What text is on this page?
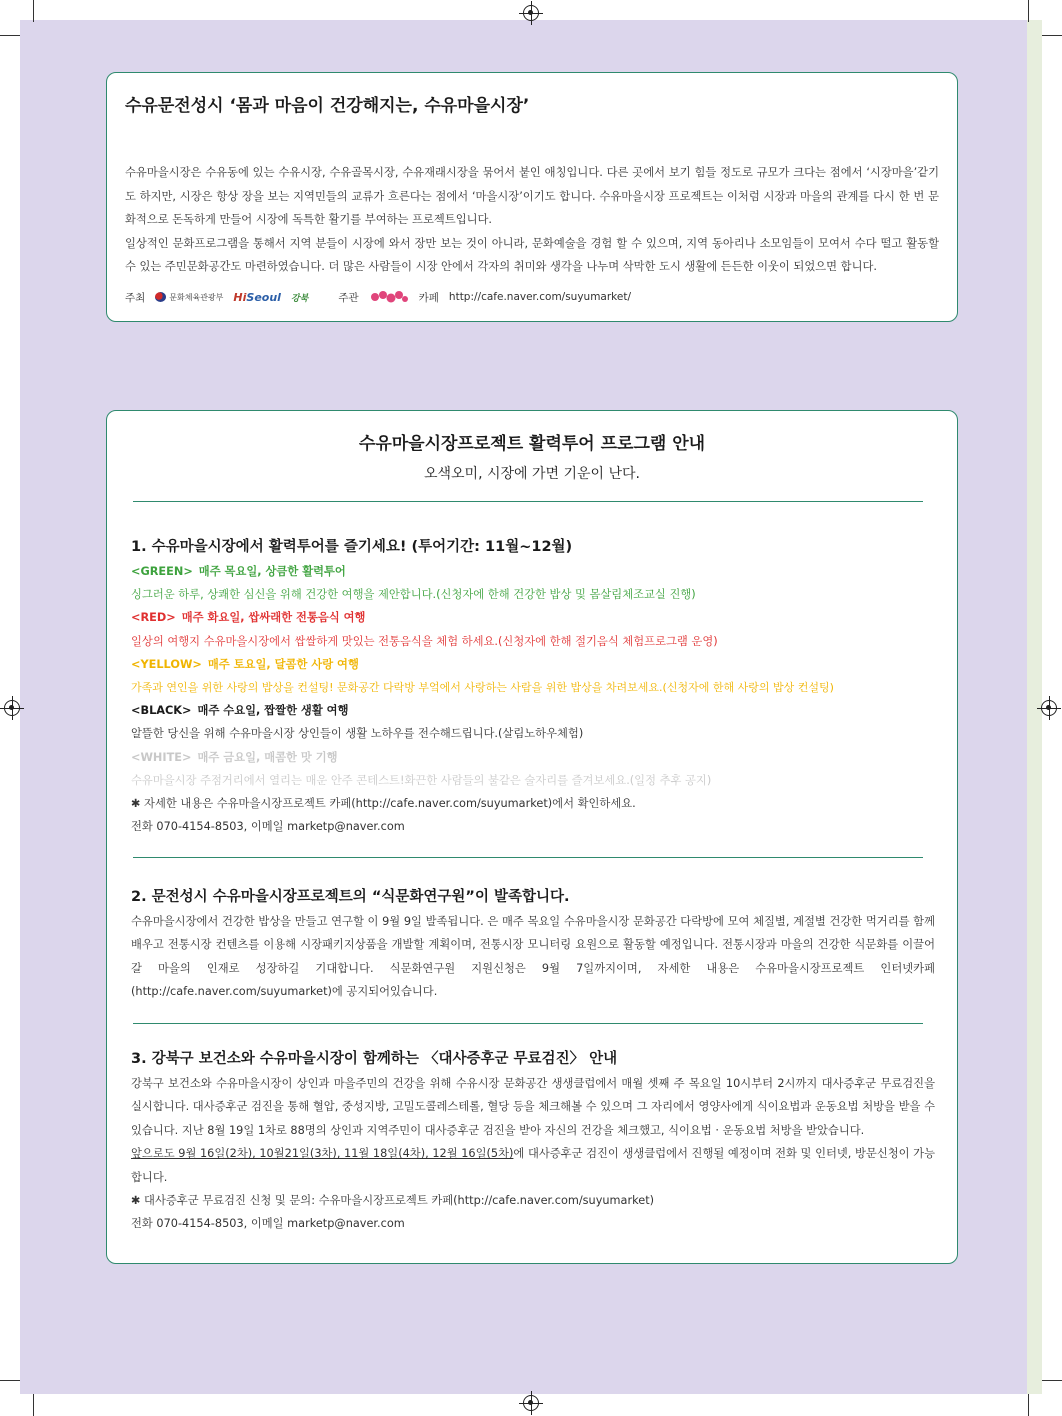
수유문전성시 ‘몸과 마음이 건강해지는, 수유마을시장’

수유마을시장은 수유동에 있는 수유시장, 수유골목시장, 수유재래시장을 묶어서 붙인 애칭입니다. 다른 곳에서 보기 힘들 정도로 규모가 크다는 점에서 ‘시장마을’같기도 하지만, 시장은 항상 장을 보는 지역민들의 교류가 흐른다는 점에서 ‘마을시장’이기도 합니다. 수유마을시장 프로젝트는 이처럼 시장과 마을의 관계를 다시 한 번 문화적으로 돈독하게 만들어 시장에 독특한 활기를 부여하는 프로젝트입니다.

일상적인 문화프로그램을 통해서 지역 분들이 시장에 와서 장만 보는 것이 아니라, 문화예술을 경험 할 수 있으며, 지역 동아리나 소모임들이 모여서 수다 떨고 활동할 수 있는 주민문화공간도 마련하였습니다. 더 많은 사람들이 시장 안에서 각자의 취미와 생각을 나누며 삭막한 도시 생활에 든든한 이웃이 되었으면 합니다.

주최	문화체육관광부 HiSeoul 강북	주관	카페 http://cafe.naver.com/suyumarket/
수유마을시장프로젝트 활력투어 프로그램 안내
오색오미, 시장에 가면 기운이 난다.
1. 수유마을시장에서 활력투어를 즐기세요! (투어기간: 11월~12월)
<GREEN> 매주 목요일, 상큼한 활력투어
싱그러운 하루, 상쾌한 심신을 위해 건강한 여행을 제안합니다.(신청자에 한해 건강한 밥상 및 몸살림체조교실 진행)
<RED> 매주 화요일, 쌉싸래한 전통음식 여행
일상의 여행지 수유마을시장에서 쌉쌀하게 맛있는 전통음식을 체험 하세요.(신청자에 한해 절기음식 체험프로그램 운영)
<YELLOW> 매주 토요일, 달콤한 사랑 여행
가족과 연인을 위한 사랑의 밥상을 컨설팅! 문화공간 다락방 부엌에서 사랑하는 사람을 위한 밥상을 차려보세요.(신청자에 한해 사랑의 밥상 컨설팅)
<BLACK> 매주 수요일, 짭짤한 생활 여행
알뜰한 당신을 위해 수유마을시장 상인들이 생활 노하우를 전수해드립니다.(살림노하우체험)
<WHITE> 매주 금요일, 매콤한 맛 기행
수유마을시장 주점거리에서 열리는 매운 안주 콘테스트!화끈한 사람들의 불같은 술자리를 즐겨보세요.(일정 추후 공지)
✱ 자세한 내용은 수유마을시장프로젝트 카페(http://cafe.naver.com/suyumarket)에서 확인하세요.
전화 070-4154-8503, 이메일 marketp@naver.com
2. 문전성시 수유마을시장프로젝트의 “식문화연구원”이 발족합니다.
수유마을시장에서 건강한 밥상을 만들고 연구할 이 9월 9일 발족됩니다. 은 매주 목요일 수유마을시장 문화공간 다락방에 모여 체질별, 계절별 건강한 먹거리를 함께 배우고 전통시장 컨텐츠를 이용해 시장패키지상품을 개발할 계획이며, 전통시장 모니터링 요원으로 활동할 예정입니다. 전통시장과 마을의 건강한 식문화를 이끌어갈 마을의 인재로 성장하길 기대합니다. 식문화연구원 지원신청은 9월 7일까지이며, 자세한 내용은 수유마을시장프로젝트 인터넷카페(http://cafe.naver.com/suyumarket)에 공지되어있습니다.
3. 강북구 보건소와 수유마을시장이 함께하는 〈대사증후군 무료검진〉 안내
강북구 보건소와 수유마을시장이 상인과 마을주민의 건강을 위해 수유시장 문화공간 생생클럽에서 매월 셋째 주 목요일 10시부터 2시까지 대사증후군 무료검진을 실시합니다. 대사증후군 검진을 통해 혈압, 중성지방, 고밀도콜레스테롤, 혈당 등을 체크해볼 수 있으며 그 자리에서 영양사에게 식이요법과 운동요법 처방을 받을 수 있습니다. 지난 8월 19일 1차로 88명의 상인과 지역주민이 대사증후군 검진을 받아 자신의 건강을 체크했고, 식이요법 · 운동요법 처방을 받았습니다.
앞으로도 9월 16일(2차), 10월21일(3차), 11월 18일(4차), 12월 16일(5차)에 대사증후군 검진이 생생클럽에서 진행될 예정이며 전화 및 인터넷, 방문신청이 가능합니다.
✱ 대사증후군 무료검진 신청 및 문의: 수유마을시장프로젝트 카페(http://cafe.naver.com/suyumarket)
전화 070-4154-8503, 이메일 marketp@naver.com
